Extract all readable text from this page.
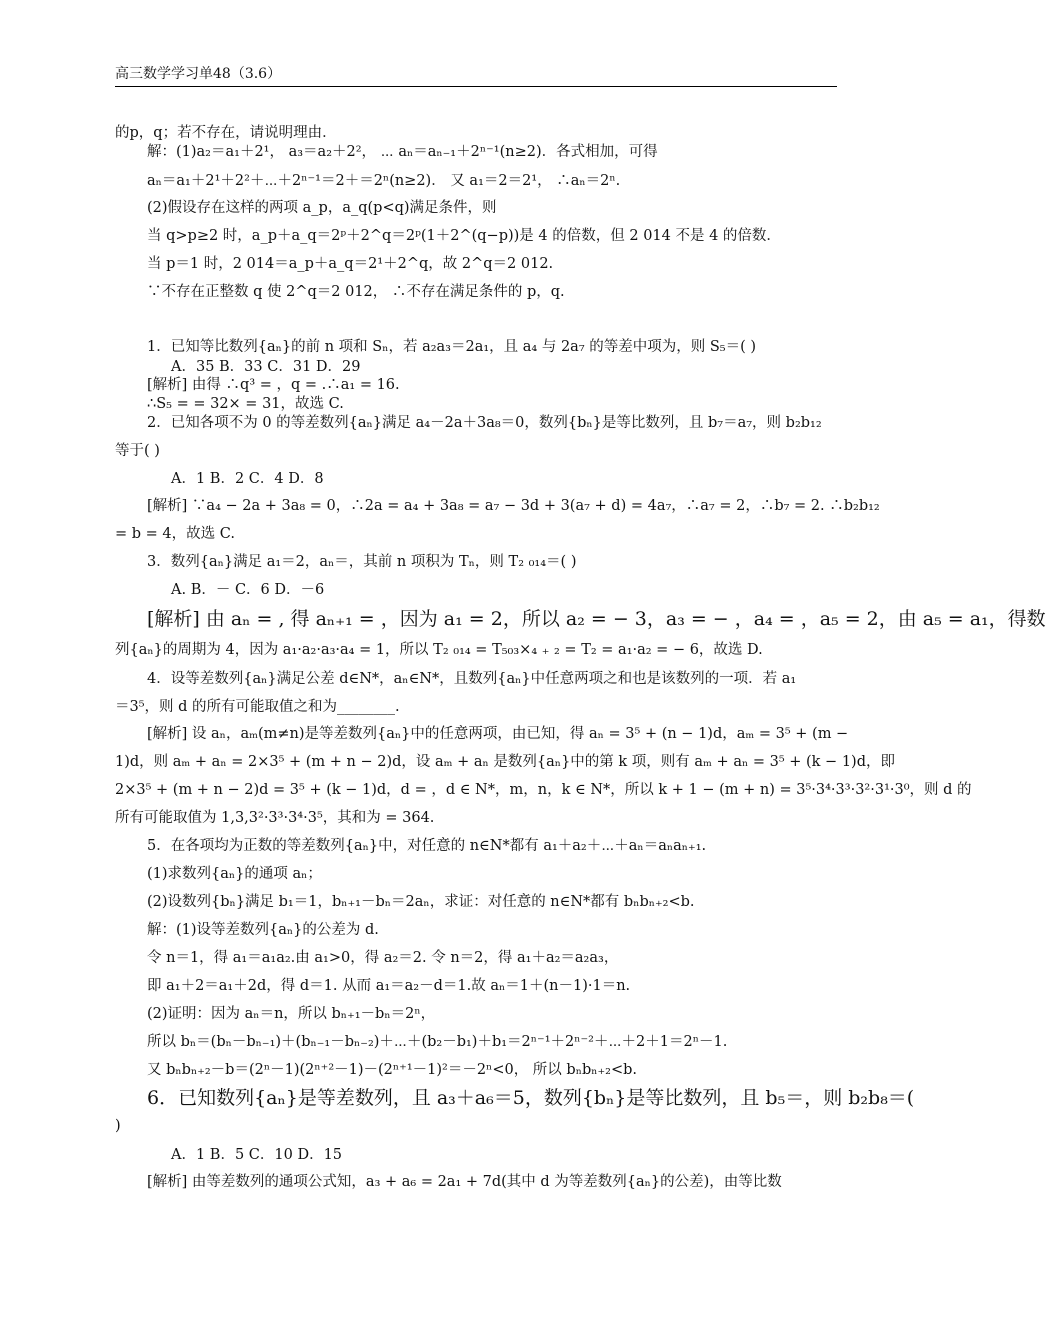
高三数学学习单48（3.6）
的p，q；若不存在，请说明理由．
解：(1)a₂＝a₁＋2¹， a₃＝a₂＋2²， ⋯ aₙ＝aₙ₋₁＋2ⁿ⁻¹(n≥2)．各式相加，可得
aₙ＝a₁＋2¹＋2²＋⋯＋2ⁿ⁻¹＝2＋＝2ⁿ(n≥2)． 又 a₁＝2＝2¹， ∴aₙ＝2ⁿ.
(2)假设存在这样的两项 a_p，a_q(p<q)满足条件，则
当 q>p≥2 时，a_p＋a_q＝2ᵖ＋2^q＝2ᵖ(1＋2^(q−p))是 4 的倍数，但 2 014 不是 4 的倍数．
当 p＝1 时，2 014＝a_p＋a_q＝2¹＋2^q，故 2^q＝2 012.
∵不存在正整数 q 使 2^q＝2 012， ∴不存在满足条件的 p，q.
1．已知等比数列{aₙ}的前 n 项和 Sₙ，若 a₂a₃＝2a₁，且 a₄ 与 2a₇ 的等差中项为，则 S₅＝( )
A．35 B．33 C．31 D．29
[解析] 由得 ∴q³ = ，q = .∴a₁ = 16.
∴S₅ = = 32× = 31，故选 C.
2．已知各项不为 0 的等差数列{aₙ}满足 a₄－2a＋3a₈＝0，数列{bₙ}是等比数列，且 b₇＝a₇，则 b₂b₁₂
等于( )
A．1 B．2 C．4 D．8
[解析] ∵a₄ − 2a + 3a₈ = 0，∴2a = a₄ + 3a₈ = a₇ − 3d + 3(a₇ + d) = 4a₇，∴a₇ = 2，∴b₇ = 2. ∴b₂b₁₂
= b = 4，故选 C.
3．数列{aₙ}满足 a₁＝2，aₙ＝，其前 n 项积为 Tₙ，则 T₂ ₀₁₄＝( )
A. B．－ C．6 D．－6
[解析] 由 aₙ = , 得 aₙ₊₁ = ，因为 a₁ = 2，所以 a₂ = − 3，a₃ = − ，a₄ = ，a₅ = 2，由 a₅ = a₁，得数
列{aₙ}的周期为 4，因为 a₁·a₂·a₃·a₄ = 1，所以 T₂ ₀₁₄ = T₅₀₃×₄ ₊ ₂ = T₂ = a₁·a₂ = − 6，故选 D.
4．设等差数列{aₙ}满足公差 d∈N*，aₙ∈N*，且数列{aₙ}中任意两项之和也是该数列的一项．若 a₁
＝3⁵，则 d 的所有可能取值之和为________.
[解析] 设 aₙ，aₘ(m≠n)是等差数列{aₙ}中的任意两项，由已知，得 aₙ = 3⁵ + (n − 1)d，aₘ = 3⁵ + (m −
1)d，则 aₘ + aₙ = 2×3⁵ + (m + n − 2)d，设 aₘ + aₙ 是数列{aₙ}中的第 k 项，则有 aₘ + aₙ = 3⁵ + (k − 1)d，即
2×3⁵ + (m + n − 2)d = 3⁵ + (k − 1)d，d = ，d ∈ N*，m，n，k ∈ N*，所以 k + 1 − (m + n) = 3⁵·3⁴·3³·3²·3¹·3⁰，则 d 的
所有可能取值为 1,3,3²·3³·3⁴·3⁵，其和为 = 364.
5．在各项均为正数的等差数列{aₙ}中，对任意的 n∈N*都有 a₁＋a₂＋⋯＋aₙ＝aₙaₙ₊₁.
(1)求数列{aₙ}的通项 aₙ；
(2)设数列{bₙ}满足 b₁＝1，bₙ₊₁－bₙ＝2aₙ，求证：对任意的 n∈N*都有 bₙbₙ₊₂<b.
解：(1)设等差数列{aₙ}的公差为 d.
令 n＝1，得 a₁＝a₁a₂.由 a₁>0，得 a₂＝2. 令 n＝2，得 a₁＋a₂＝a₂a₃，
即 a₁＋2＝a₁＋2d，得 d＝1. 从而 a₁＝a₂－d＝1.故 aₙ＝1＋(n－1)·1＝n.
(2)证明：因为 aₙ＝n，所以 bₙ₊₁－bₙ＝2ⁿ，
所以 bₙ＝(bₙ－bₙ₋₁)＋(bₙ₋₁－bₙ₋₂)＋⋯＋(b₂－b₁)＋b₁＝2ⁿ⁻¹＋2ⁿ⁻²＋⋯＋2＋1＝2ⁿ－1.
又 bₙbₙ₊₂－b＝(2ⁿ－1)(2ⁿ⁺²－1)－(2ⁿ⁺¹－1)²＝－2ⁿ<0， 所以 bₙbₙ₊₂<b.
6．已知数列{aₙ}是等差数列，且 a₃＋a₆＝5，数列{bₙ}是等比数列，且 b₅＝，则 b₂b₈＝(
)
A．1 B．5 C．10 D．15
[解析] 由等差数列的通项公式知，a₃ + a₆ = 2a₁ + 7d(其中 d 为等差数列{aₙ}的公差)，由等比数
